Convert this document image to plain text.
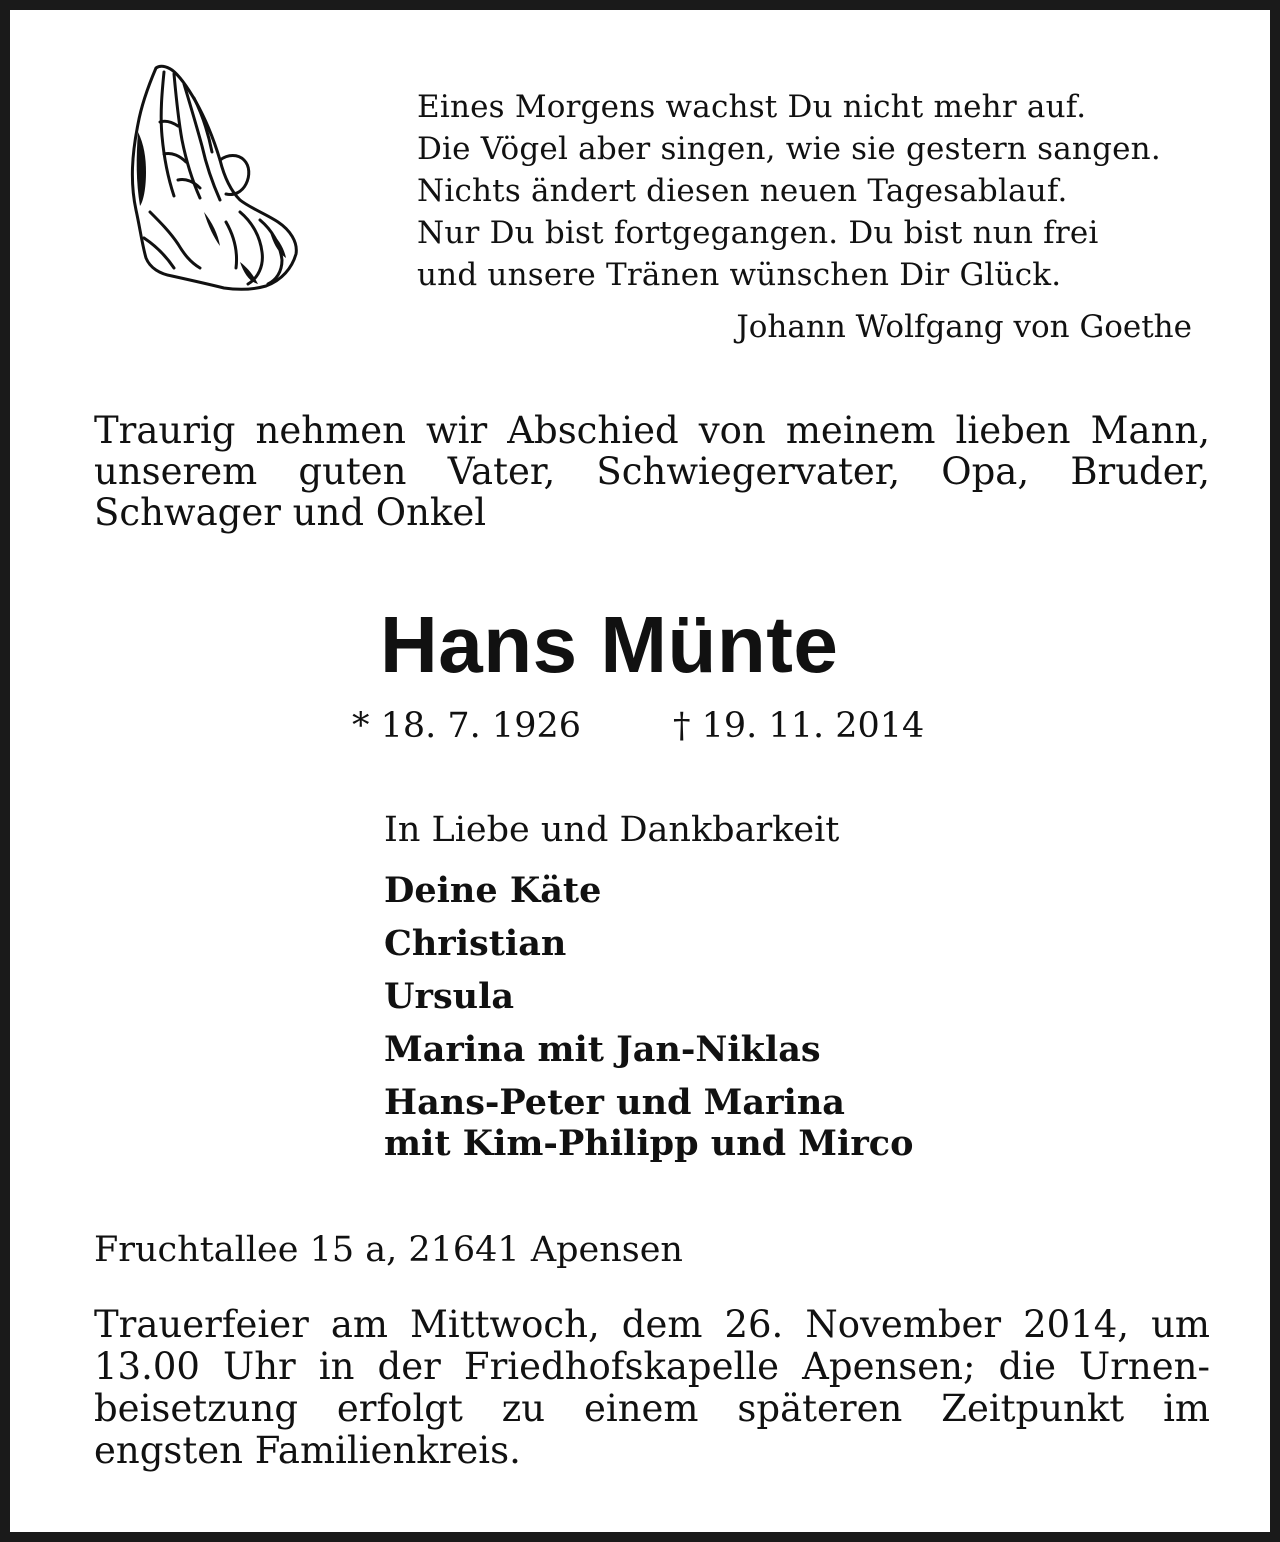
Eines Morgens wachst Du nicht mehr auf.
Die Vögel aber singen, wie sie gestern sangen.
Nichts ändert diesen neuen Tagesablauf.
Nur Du bist fortgegangen. Du bist nun frei
und unsere Tränen wünschen Dir Glück.
Johann Wolfgang von Goethe
Traurig nehmen wir Abschied von meinem lieben Mann,
unserem guten Vater, Schwiegervater, Opa, Bruder,
Schwager und Onkel
Hans Münte
* 18. 7. 1926	† 19. 11. 2014
In Liebe und Dankbarkeit
Deine Käte
Christian
Ursula
Marina mit Jan-Niklas
Hans-Peter und Marina
mit Kim-Philipp und Mirco
Fruchtallee 15 a, 21641 Apensen
Trauerfeier am Mittwoch, dem 26. November 2014, um
13.00 Uhr in der Friedhofskapelle Apensen; die Urnen-
beisetzung erfolgt zu einem späteren Zeitpunkt im
engsten Familienkreis.
